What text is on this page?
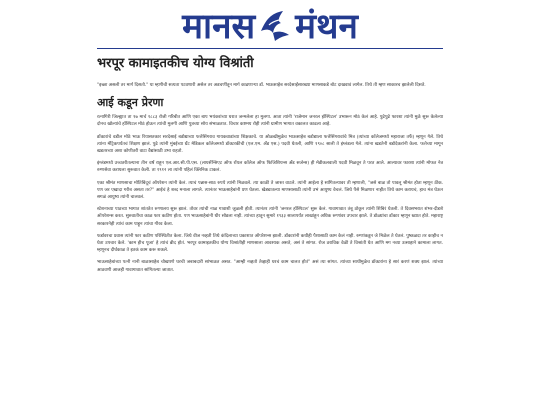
मानस मंथन
भरपूर कामाइतकीच योग्य विश्रांती

"इच्छा असली तर मार्ग दिसतो." या म्हणीची सत्यता पटवणारी असेल तर अडचणींतून मार्ग काढणाऱ्या डॉ. भाऊसाहेब सरदेसाईंसारख्या माणसाकडे बोट दाखवावं लागेल. तिथे ती म्हण साकारच झालेली दिसते.

आई कडून प्रेरणा

रत्नागिरी जिल्ह्यात ता १७ मार्च १८८३ रोजी गरिबीत आणि एका बाप भयंकरांच्या घरात जन्मलेला हा मुलगा. आता त्यांनी 'राजेमान जनरल हॉस्पिटल' उभारून मोठं केलं आहे. पुढेपुढे फारशा त्यांनी मुळे सुरू केलेल्या दोनच खोल्यांचे हॉस्पिटल मोठं होऊन त्यांची मुलगी आणि पुत्रच्या सोय संभाळतात. विचार कष्टमय रोही त्यांनी ग्रामीण भागात वकालत काढला आहे.

डॉक्टरांचे वडील मोठे भाऊ रियासतकार सरदेसाई बडोद्याच्या फत्तेसिंगराव गायकवाडांच्या शिक्षकाचे. या ओळखीमुळेच भाऊसाहेब बडोद्याला फत्तेसिंगरावांचे मित्र (त्यांच्या कॉलेजमध्ये महाराजा तर्फे) म्हणून गेले. तिथे त्यांना मॅट्रिकपर्यंतचं शिक्षण झालं. पुढे त्यांनी मुंबईच्या ग्रँट मेडिकल कॉलेजमध्ये डॉक्टरकीची (एल.एम. अँड एस.) पदवी घेतली, आणि १९०८ साली ते इंग्लंडला गेले. त्यांना खडतेनी बडोदेकरांनी केला. फत्तेच्या मागून खडतरच्या अशा कोणीतरी वाटा वैद्यांसाठी उभा राहतो.

इंग्लंडमध्ये उच्चतरीतल्याना तीन वर्षं राहून एल.आर.सी.पी.एस. (लायसेंन्सिएट ऑफ रॉयल कॉलेज ऑफ फिजिशियन्स अँड सर्जन्स) ही मेडीकलवाली पदवी मिळवून ते परत आले. आल्यावर फारशा त्यांनी मोफत नेत्र रुग्णसेवा करायला सुरूवात केली. ता १९१२ ला त्यांनी पहिलं क्लिनिक टाकलं.

एका श्रीमंत माणसाचा मोतिबिंदूचं ऑपरेशन त्यांनी केलं. त्याचं पन्नास-साठ रुपये त्यांनी मिळवले. त्या काळी ते जास्त वाटले. त्यांनी आईला हे सांगितल्यावर ती म्हणाली, "जसे बाळ तो पावलू श्रीमंत होता म्हणून ठीक. पण जर एखादा गरीब असता तर?" आईचं हे शब्द मनाला लागले. त्यानंतर भाऊसाहेबांनी प्रण घेतला. खेड्यातल्या माणसासाठी त्यांनी उभं आयुष्य वेचलं. जिथे पैसे मिळणार नाहीत तिथे काम करायचं, हाच मंत्र घेऊन सगळं आयुष्य त्यांनी चालवलं.

स्टेशनाच्या पाठच्या भागात शांततेत रुग्णालय सुरू झालं. तोवर त्यांची नाळ गावाशी जुळली होती. त्यानंतर त्यांनी 'जनरल हॉस्पिटल' सुरू केलं. गावागावात तंबू ठोकून त्यांनी शिबिरं घेतली. ते दिवसभरात शंभर-दीडशे ऑपरेशन्स करत. सुरुवातीचा काळ फार कठीण होता. पण भाऊसाहेबांनी धीर सोडला नाही. त्यांच्या हातून सुमारे १९३३ सालापर्यंत लाखांहून अधिक रुग्णांवर उपचार झाले. ते डोळ्यांचा डॉक्टर म्हणून ख्यात होते. महाराष्ट्र सरकारनेही त्यांचं काम पाहून त्यांचा गौरव केला.

फर्डावरचा प्रवास त्यांनी फार कठीण परिस्थितीत केला. जिथे वीज नव्हती तिथे कंदिलाच्या प्रकाशात ऑपरेशन्स झाली. डॉक्टरांनी कधीही पैशासाठी काम केलं नाही. रुग्णांकडून जे मिळेल ते घेतलं. पुष्कळदा तर काहीच न घेता उपचार केले. 'काम हीच पूजा' हे त्यांचं ब्रीद होतं. भरपूर कामाइतकीच योग्य विश्रांतीही माणसाला आवश्यक असते, असं ते सांगत. रोज ठराविक वेळी ते विश्रांती घेत आणि मग नव्या उत्साहाने कामाला लागत. म्हणूनच दीर्घकाळ ते इतकं काम करू शकले.

भाऊसाहेबांच्या पत्नी नानी बाळासाहेब चोखपणे घरची जबाबदारी सांभाळत असत. "आम्ही नव्हतो तेव्हाही घरचं काम चालत होतं" असं त्या सांगत. त्यांच्या साथीमुळेच डॉक्टरांना हे सारं करणं शक्य झालं. त्यांच्या आठवणी आजही गावागावात सांगितल्या जातात.
